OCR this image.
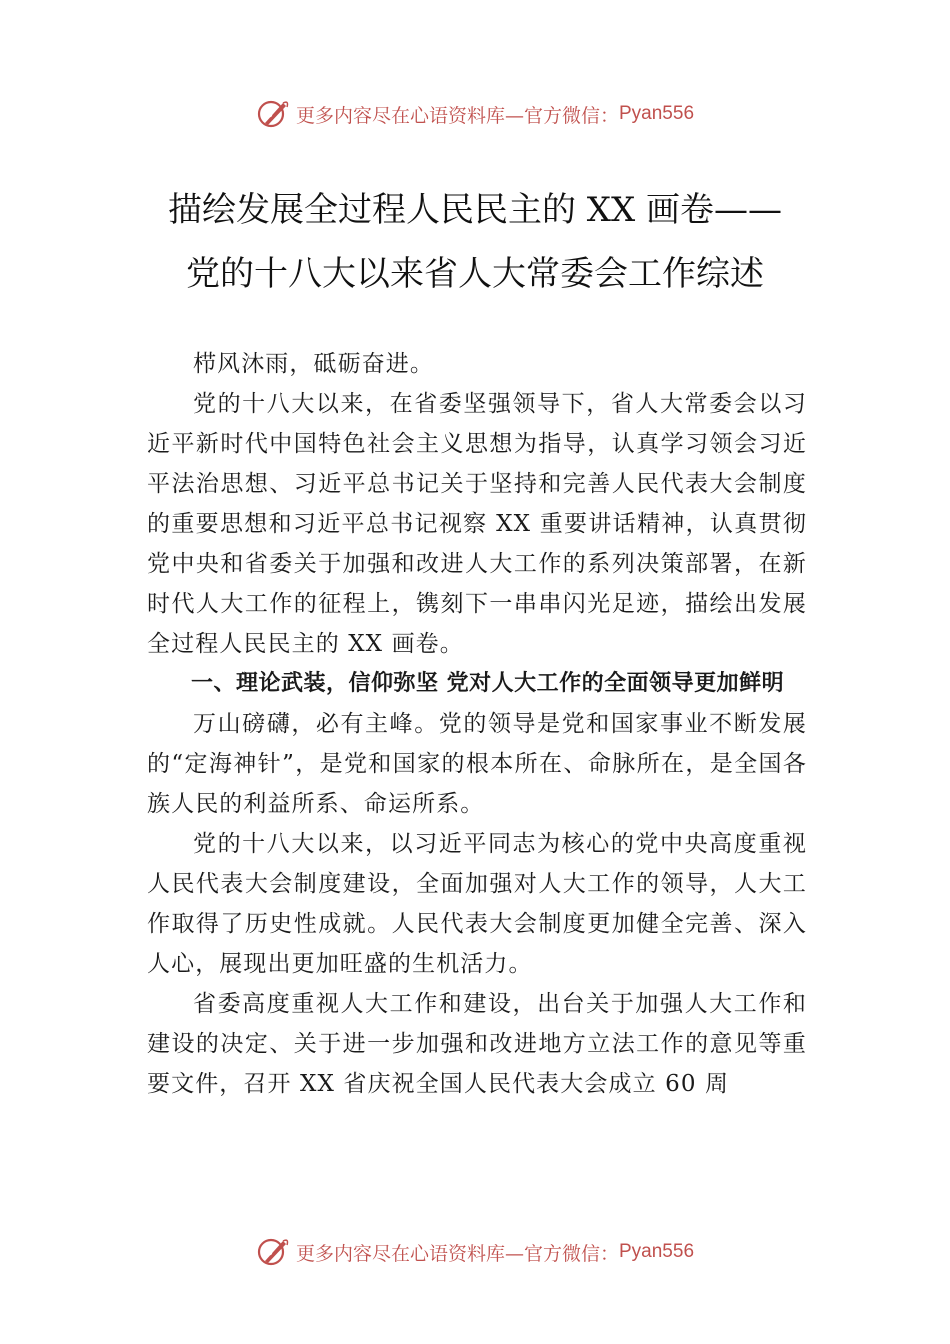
更多内容尽在心语资料库—官方微信： Pyan556
描绘发展全过程人民民主的 XX 画卷——
党的十八大以来省人大常委会工作综述

栉风沐雨，砥砺奋进。

党的十八大以来，在省委坚强领导下，省人大常委会以习近平新时代中国特色社会主义思想为指导，认真学习领会习近平法治思想、习近平总书记关于坚持和完善人民代表大会制度的重要思想和习近平总书记视察 XX 重要讲话精神，认真贯彻党中央和省委关于加强和改进人大工作的系列决策部署，在新时代人大工作的征程上，镌刻下一串串闪光足迹，描绘出发展全过程人民民主的 XX 画卷。

一、理论武装，信仰弥坚 党对人大工作的全面领导更加鲜明

万山磅礴，必有主峰。党的领导是党和国家事业不断发展的“定海神针”，是党和国家的根本所在、命脉所在，是全国各族人民的利益所系、命运所系。

党的十八大以来，以习近平同志为核心的党中央高度重视人民代表大会制度建设，全面加强对人大工作的领导，人大工作取得了历史性成就。人民代表大会制度更加健全完善、深入人心，展现出更加旺盛的生机活力。

省委高度重视人大工作和建设，出台关于加强人大工作和建设的决定、关于进一步加强和改进地方立法工作的意见等重要文件，召开 XX 省庆祝全国人民代表大会成立 60 周

更多内容尽在心语资料库—官方微信： Pyan556
